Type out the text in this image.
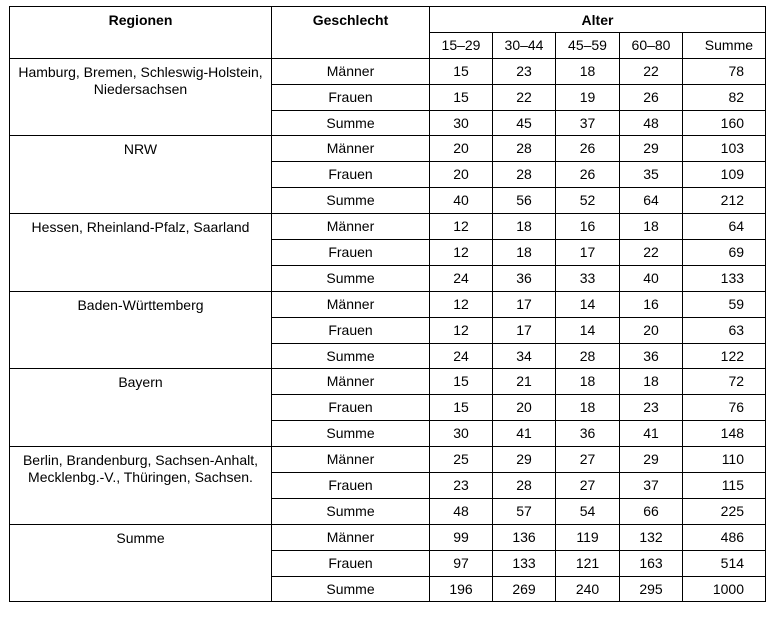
Regionen	Geschlecht	Alter				
		15–29	30–44	45–59	60–80	Summe
Hamburg, Bremen, Schleswig-Holstein, Niedersachsen	Männer	15	23	18	22	78
	Frauen	15	22	19	26	82
	Summe	30	45	37	48	160
NRW	Männer	20	28	26	29	103
	Frauen	20	28	26	35	109
	Summe	40	56	52	64	212
Hessen, Rheinland-Pfalz, Saarland	Männer	12	18	16	18	64
	Frauen	12	18	17	22	69
	Summe	24	36	33	40	133
Baden-Württemberg	Männer	12	17	14	16	59
	Frauen	12	17	14	20	63
	Summe	24	34	28	36	122
Bayern	Männer	15	21	18	18	72
	Frauen	15	20	18	23	76
	Summe	30	41	36	41	148
Berlin, Brandenburg, Sachsen-Anhalt, Mecklenbg.-V., Thüringen, Sachsen.	Männer	25	29	27	29	110
	Frauen	23	28	27	37	115
	Summe	48	57	54	66	225
Summe	Männer	99	136	119	132	486
	Frauen	97	133	121	163	514
	Summe	196	269	240	295	1000
